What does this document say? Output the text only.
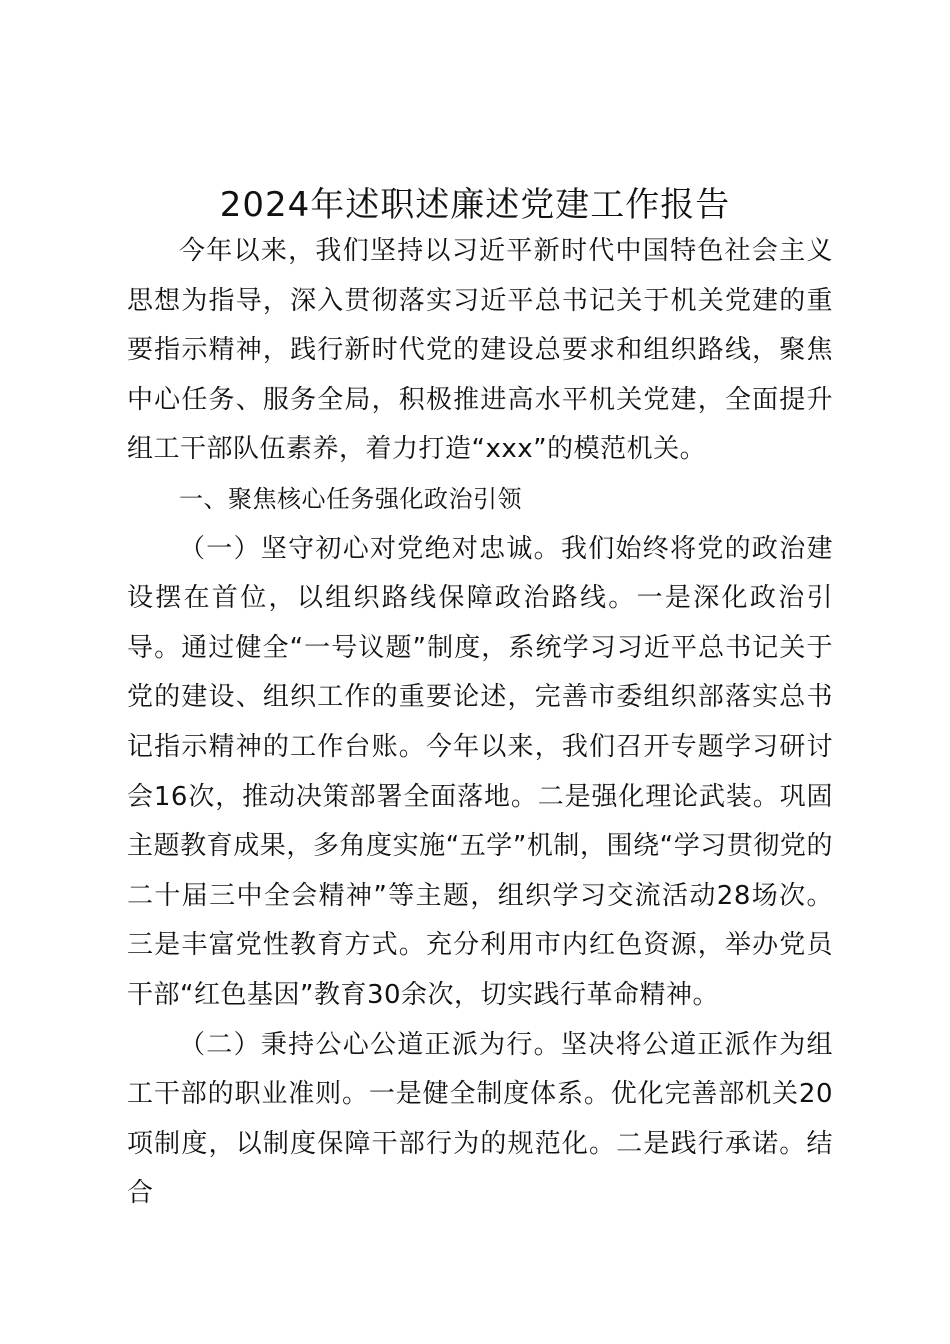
2024年述职述廉述党建工作报告

今年以来，我们坚持以习近平新时代中国特色社会主义思想为指导，深入贯彻落实习近平总书记关于机关党建的重要指示精神，践行新时代党的建设总要求和组织路线，聚焦中心任务、服务全局，积极推进高水平机关党建，全面提升组工干部队伍素养，着力打造“xxx”的模范机关。

一、聚焦核心任务强化政治引领

（一）坚守初心对党绝对忠诚。我们始终将党的政治建设摆在首位，以组织路线保障政治路线。一是深化政治引导。通过健全“一号议题”制度，系统学习习近平总书记关于党的建设、组织工作的重要论述，完善市委组织部落实总书记指示精神的工作台账。今年以来，我们召开专题学习研讨会16次，推动决策部署全面落地。二是强化理论武装。巩固主题教育成果，多角度实施“五学”机制，围绕“学习贯彻党的二十届三中全会精神”等主题，组织学习交流活动28场次。三是丰富党性教育方式。充分利用市内红色资源，举办党员干部“红色基因”教育30余次，切实践行革命精神。

（二）秉持公心公道正派为行。坚决将公道正派作为组工干部的职业准则。一是健全制度体系。优化完善部机关20项制度，以制度保障干部行为的规范化。二是践行承诺。结合
